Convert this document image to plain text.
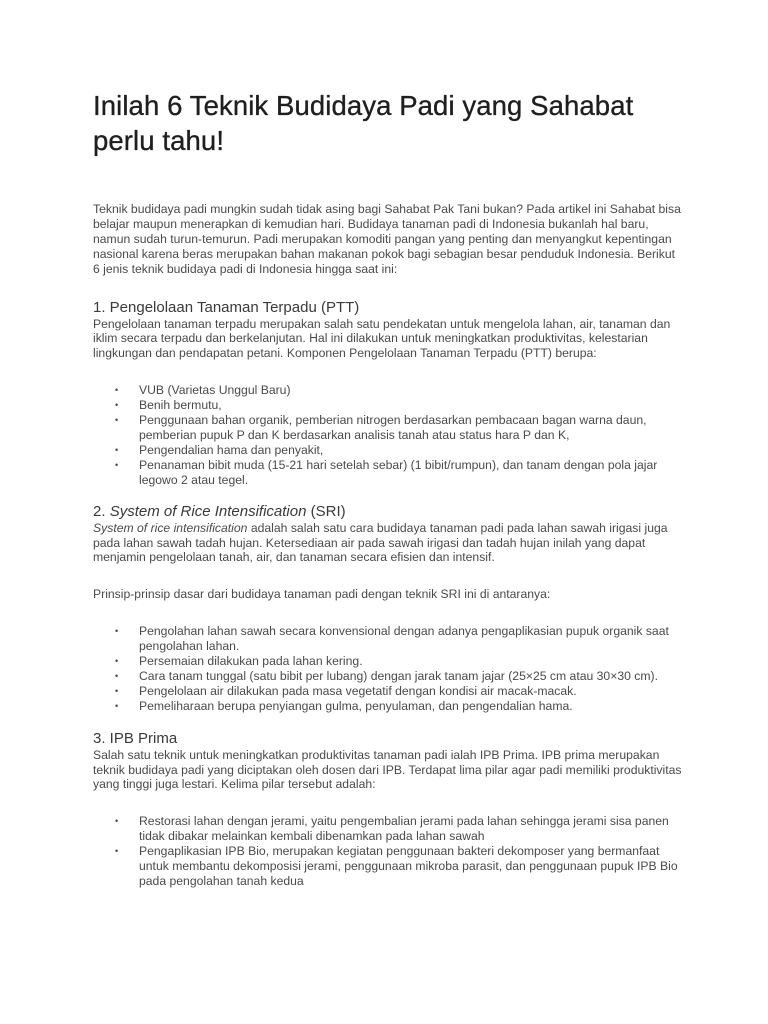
Inilah 6 Teknik Budidaya Padi yang Sahabat perlu tahu!

Teknik budidaya padi mungkin sudah tidak asing bagi Sahabat Pak Tani bukan? Pada artikel ini Sahabat bisa belajar maupun menerapkan di kemudian hari. Budidaya tanaman padi di Indonesia bukanlah hal baru, namun sudah turun-temurun. Padi merupakan komoditi pangan yang penting dan menyangkut kepentingan nasional karena beras merupakan bahan makanan pokok bagi sebagian besar penduduk Indonesia. Berikut 6 jenis teknik budidaya padi di Indonesia hingga saat ini:

1. Pengelolaan Tanaman Terpadu (PTT)

Pengelolaan tanaman terpadu merupakan salah satu pendekatan untuk mengelola lahan, air, tanaman dan iklim secara terpadu dan berkelanjutan. Hal ini dilakukan untuk meningkatkan produktivitas, kelestarian lingkungan dan pendapatan petani. Komponen Pengelolaan Tanaman Terpadu (PTT) berupa:

• VUB (Varietas Unggul Baru)
• Benih bermutu,
• Penggunaan bahan organik, pemberian nitrogen berdasarkan pembacaan bagan warna daun, pemberian pupuk P dan K berdasarkan analisis tanah atau status hara P dan K,
• Pengendalian hama dan penyakit,
• Penanaman bibit muda (15-21 hari setelah sebar) (1 bibit/rumpun), dan tanam dengan pola jajar legowo 2 atau tegel.
2. System of Rice Intensification (SRI)

System of rice intensification adalah salah satu cara budidaya tanaman padi pada lahan sawah irigasi juga pada lahan sawah tadah hujan. Ketersediaan air pada sawah irigasi dan tadah hujan inilah yang dapat menjamin pengelolaan tanah, air, dan tanaman secara efisien dan intensif.

Prinsip-prinsip dasar dari budidaya tanaman padi dengan teknik SRI ini di antaranya:

• Pengolahan lahan sawah secara konvensional dengan adanya pengaplikasian pupuk organik saat pengolahan lahan.
• Persemaian dilakukan pada lahan kering.
• Cara tanam tunggal (satu bibit per lubang) dengan jarak tanam jajar (25×25 cm atau 30×30 cm).
• Pengelolaan air dilakukan pada masa vegetatif dengan kondisi air macak-macak.
• Pemeliharaan berupa penyiangan gulma, penyulaman, dan pengendalian hama.
3. IPB Prima

Salah satu teknik untuk meningkatkan produktivitas tanaman padi ialah IPB Prima. IPB prima merupakan teknik budidaya padi yang diciptakan oleh dosen dari IPB. Terdapat lima pilar agar padi memiliki produktivitas yang tinggi juga lestari. Kelima pilar tersebut adalah:

• Restorasi lahan dengan jerami, yaitu pengembalian jerami pada lahan sehingga jerami sisa panen tidak dibakar melainkan kembali dibenamkan pada lahan sawah
• Pengaplikasian IPB Bio, merupakan kegiatan penggunaan bakteri dekomposer yang bermanfaat untuk membantu dekomposisi jerami, penggunaan mikroba parasit, dan penggunaan pupuk IPB Bio pada pengolahan tanah kedua
